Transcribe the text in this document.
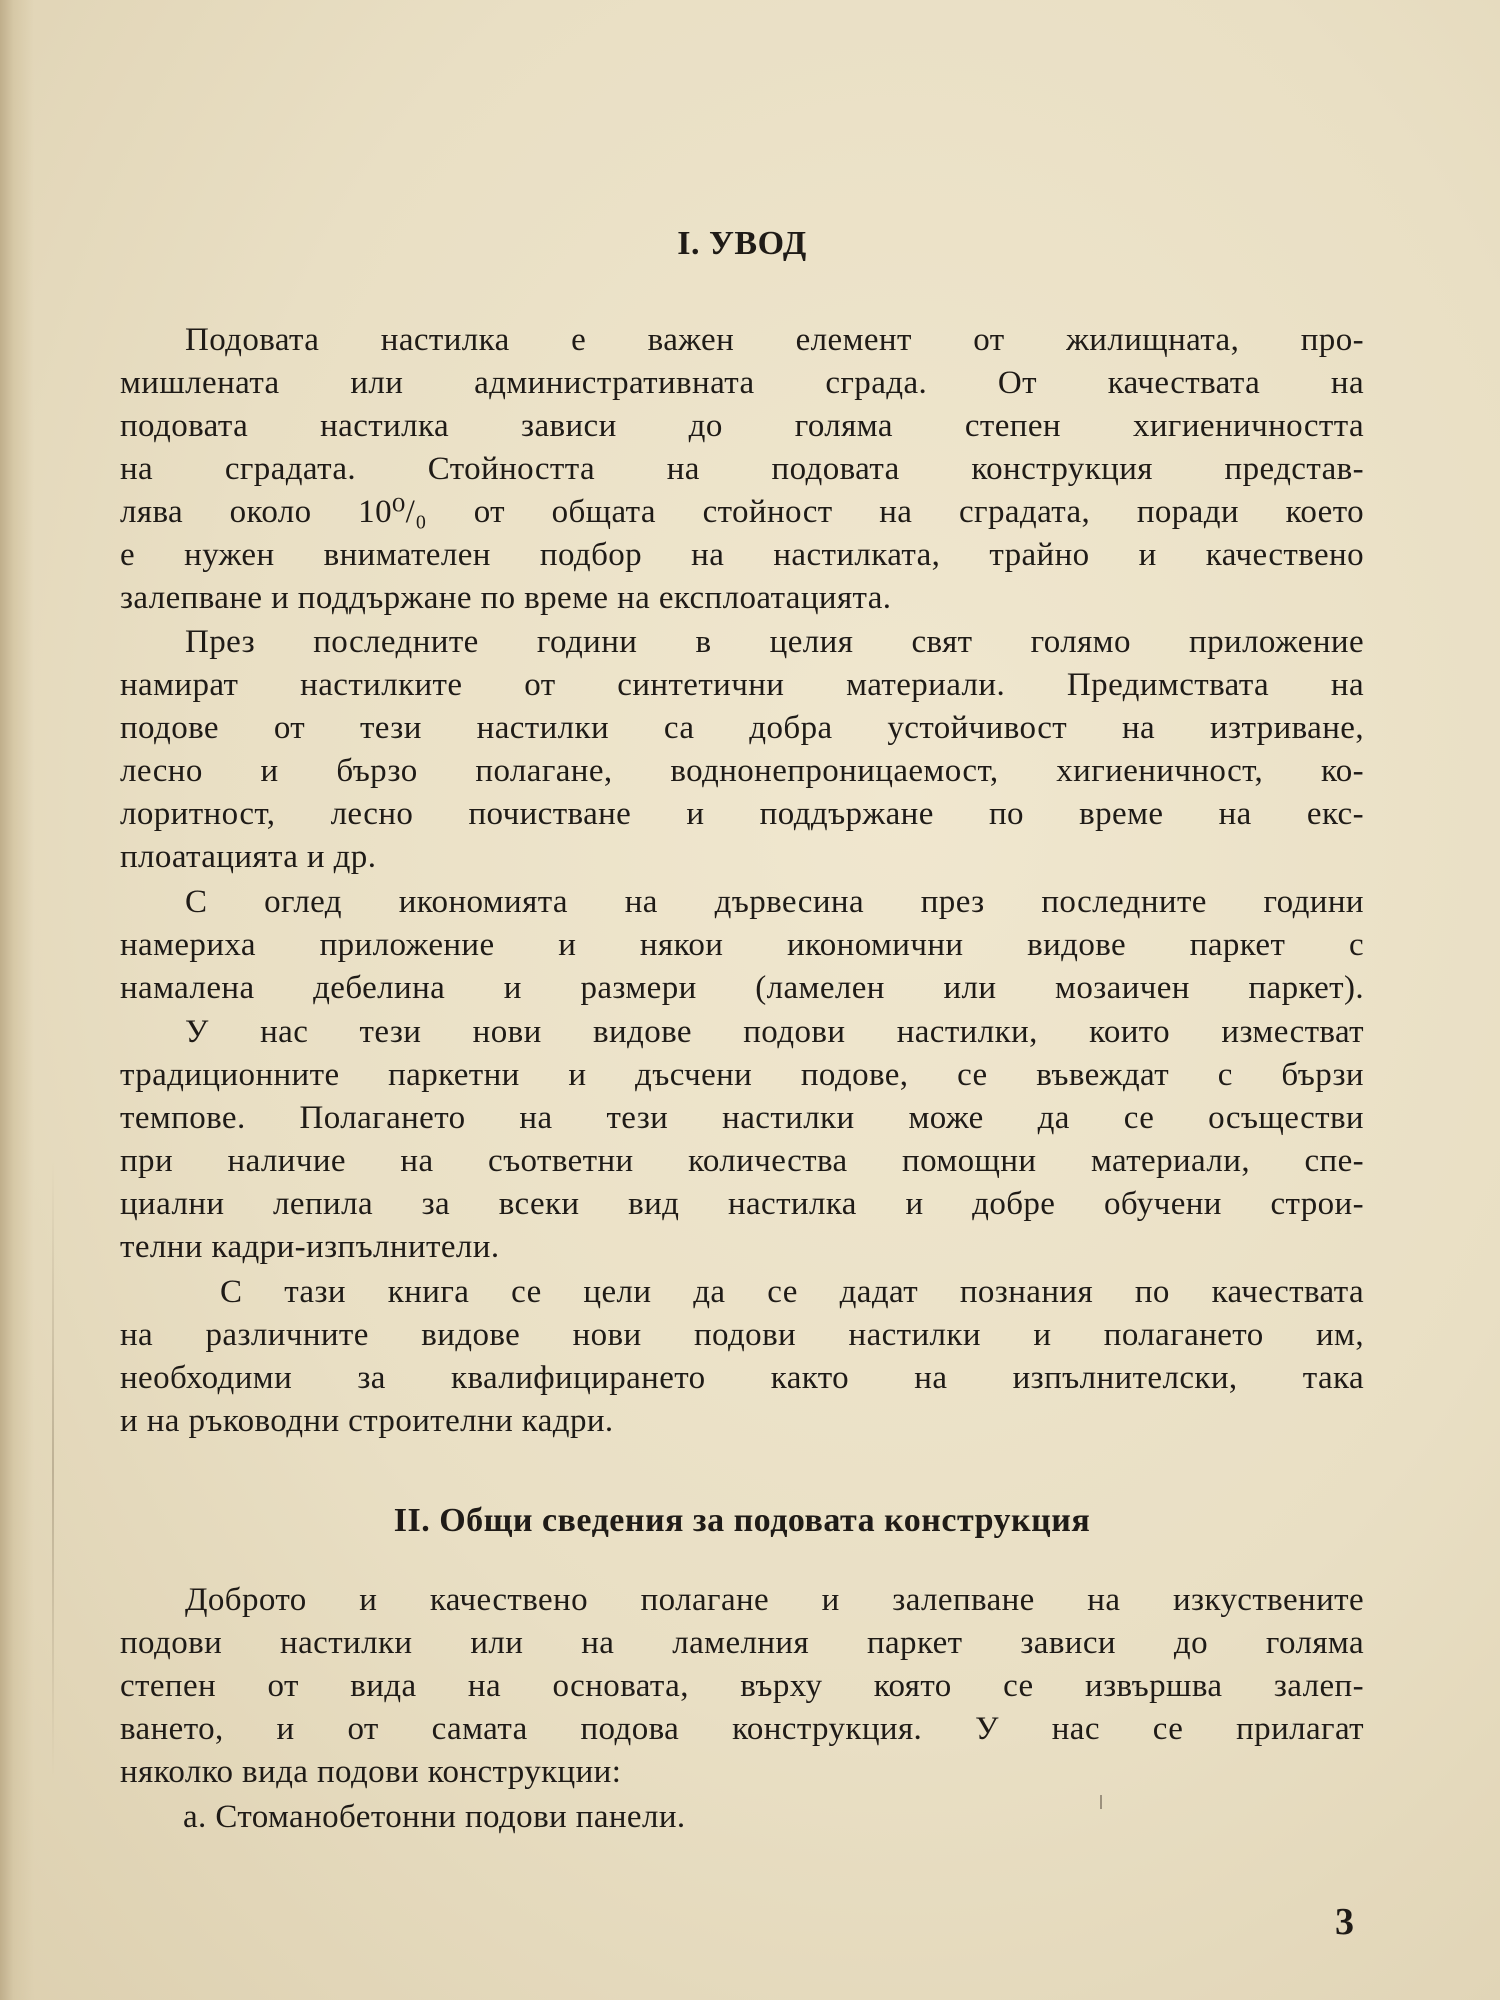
I. УВОД
Подовата настилка е важен елемент от жилищната, про-
мишлената или административната сграда. От качествата на
подовата настилка зависи до голяма степен хигиеничността
на сградата. Стойността на подовата конструкция представ-
лява около 10⁰/₀ от общата стойност на сградата, поради което
е нужен внимателен подбор на настилката, трайно и качествено
залепване и поддържане по време на експлоатацията.
През последните години в целия свят голямо приложение
намират настилките от синтетични материали. Предимствата на
подове от тези настилки са добра устойчивост на изтриване,
лесно и бързо полагане, воднонепроницаемост, хигиеничност, ко-
лоритност, лесно почистване и поддържане по време на екс-
плоатацията и др.
С оглед икономията на дървесина през последните години
намериха приложение и някои икономични видове паркет с
намалена дебелина и размери (ламелен или мозаичен паркет).
У нас тези нови видове подови настилки, които изместват
традиционните паркетни и дъсчени подове, се въвеждат с бързи
темпове. Полагането на тези настилки може да се осъществи
при наличие на съответни количества помощни материали, спе-
циални лепила за всеки вид настилка и добре обучени строи-
телни кадри-изпълнители.
С тази книга се цели да се дадат познания по качествата
на различните видове нови подови настилки и полагането им,
необходими за квалифицирането както на изпълнителски, така
и на ръководни строителни кадри.
II. Общи сведения за подовата конструкция
Доброто и качествено полагане и залепване на изкуствените
подови настилки или на ламелния паркет зависи до голяма
степен от вида на основата, върху която се извършва залеп-
ването, и от самата подова конструкция. У нас се прилагат
няколко вида подови конструкции:
а. Стоманобетонни подови панели.

3
